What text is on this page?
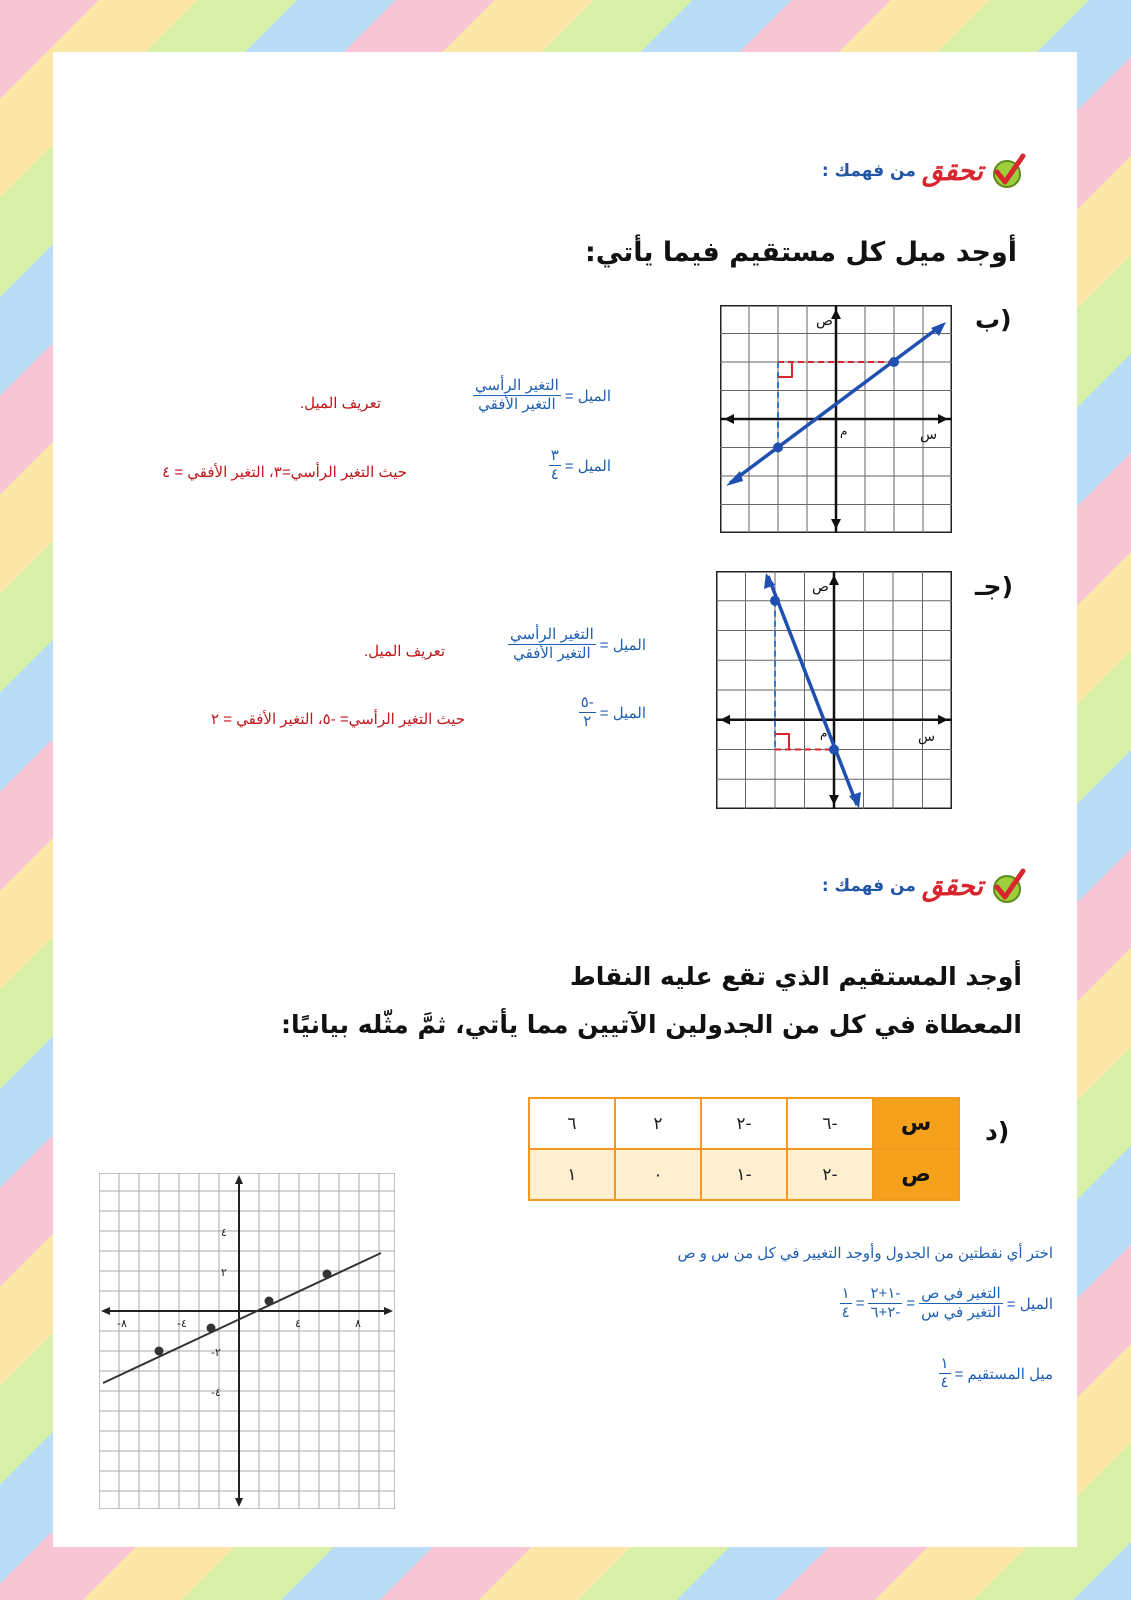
تحقق
من فهمك :
أوجد ميل كل مستقيم فيما يأتي:
ب)
ص
س
م
الميل =
$\frac{\text{التغير الرأسي}}{\text{التغير الأفقي}}$
تعريف الميل.
الميل =
$\frac{٣}{٤}$
حيث التغير الرأسي=٣، التغير الأفقي = ٤
جـ)
ص
س
م
الميل =
$\frac{\text{التغير الرأسي}}{\text{التغير الأفقي}}$
تعريف الميل.
الميل =
$\frac{-٥}{٢}$
حيث التغير الرأسي= -٥، التغير الأفقي = ٢
تحقق
من فهمك :
أوجد المستقيم الذي تقع عليه النقاط
المعطاة في كل من الجدولين الآتيين مما يأتي، ثمَّ مثّله بيانيًا:
د)
س	-٦	-٢	٢	٦
ص	-٢	-١	٠	١
اختر أي نقطتين من الجدول وأوجد التغيير في كل من س و ص
الميل =
$\frac{\text{التغير في ص}}{\text{التغير في س}}$
=
$\frac{-١+٢}{-٢+٦}$
=
$\frac{١}{٤}$
ميل المستقيم =
$\frac{١}{٤}$
٤
٢
-٢
-٤
٤	٨
-٤
-٨
